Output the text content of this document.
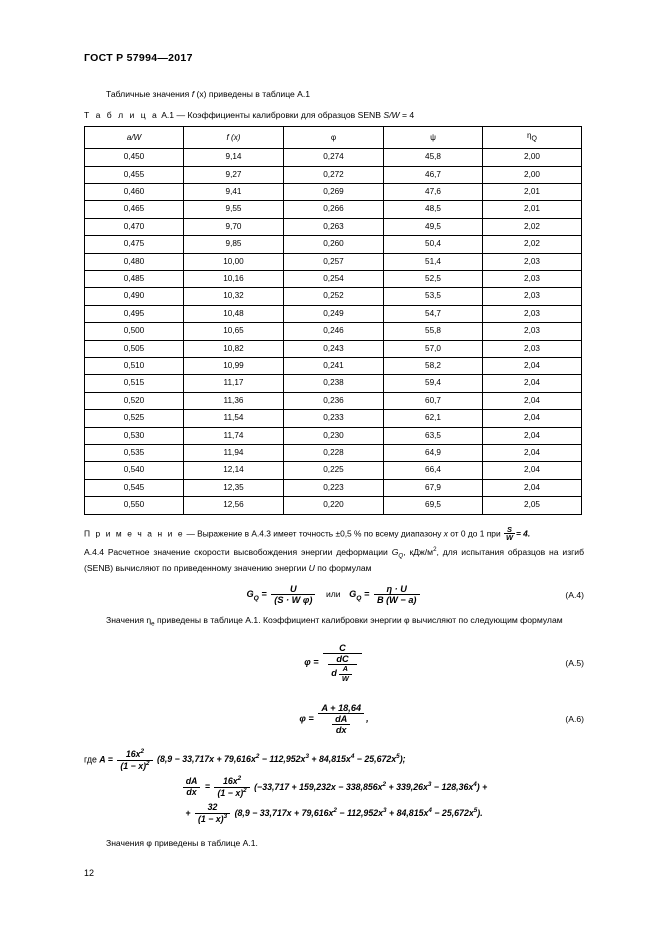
ГОСТ Р 57994—2017

Табличные значения f (x) приведены в таблице А.1

Т а б л и ц а А.1 — Коэффициенты калибровки для образцов SENB S/W = 4
a/W	f (x)	φ	ψ	$\eta_Q$
0,450	9,14	0,274	45,8	2,00
0,455	9,27	0,272	46,7	2,00
0,460	9,41	0,269	47,6	2,01
0,465	9,55	0,266	48,5	2,01
0,470	9,70	0,263	49,5	2,02
0,475	9,85	0,260	50,4	2,02
0,480	10,00	0,257	51,4	2,03
0,485	10,16	0,254	52,5	2,03
0,490	10,32	0,252	53,5	2,03
0,495	10,48	0,249	54,7	2,03
0,500	10,65	0,246	55,8	2,03
0,505	10,82	0,243	57,0	2,03
0,510	10,99	0,241	58,2	2,04
0,515	11,17	0,238	59,4	2,04
0,520	11,36	0,236	60,7	2,04
0,525	11,54	0,233	62,1	2,04
0,530	11,74	0,230	63,5	2,04
0,535	11,94	0,228	64,9	2,04
0,540	12,14	0,225	66,4	2,04
0,545	12,35	0,223	67,9	2,04
0,550	12,56	0,220	69,5	2,05
П р и м е ч а н и е — Выражение в А.4.3 имеет точность ±0,5 % по всему диапазону x от 0 до 1 при $\frac{S}{W} = 4$.

А.4.4 Расчетное значение скорости высвобождения энергии деформации $G_Q$, кДж/$м^2$, для испытания образцов на изгиб (SENB) вычисляют по приведенному значению энергии U по формулам

$G_Q = \frac{U}{\text{(S · W φ)}}$ или $G_Q = \frac{\eta \cdot U}{B (W - a)}$	(А.4)

Значения $\eta_e$ приведены в таблице А.1. Коэффициент калибровки энергии φ вычисляют по следующим формулам

$\varphi = \frac{C}{\frac{dC}{d \frac{A}{W}}}$	(А.5)
$\varphi = \frac{A + 18,64}{\frac{dA}{dx}}$ ,	(А.6)
где $A = \frac{16x^2}{(1 - x)^2} (8,9 - 33,717x + 79,616x^2 - 112,952x^3 + 84,815x^4 - 25,672x^5)$;
$\frac{dA}{dx} = \frac{16x^2}{(1 - x)^2} (-33,717 + 159,232x - 338,856x^2 + 339,26x^3 - 128,36x^4)$ +
+ $\frac{32}{(1 - x)^3} (8,9 - 33,717x + 79,616x^2 - 112,952x^3 + 84,815x^4 - 25,672x^5)$.

Значения φ приведены в таблице А.1.

12
